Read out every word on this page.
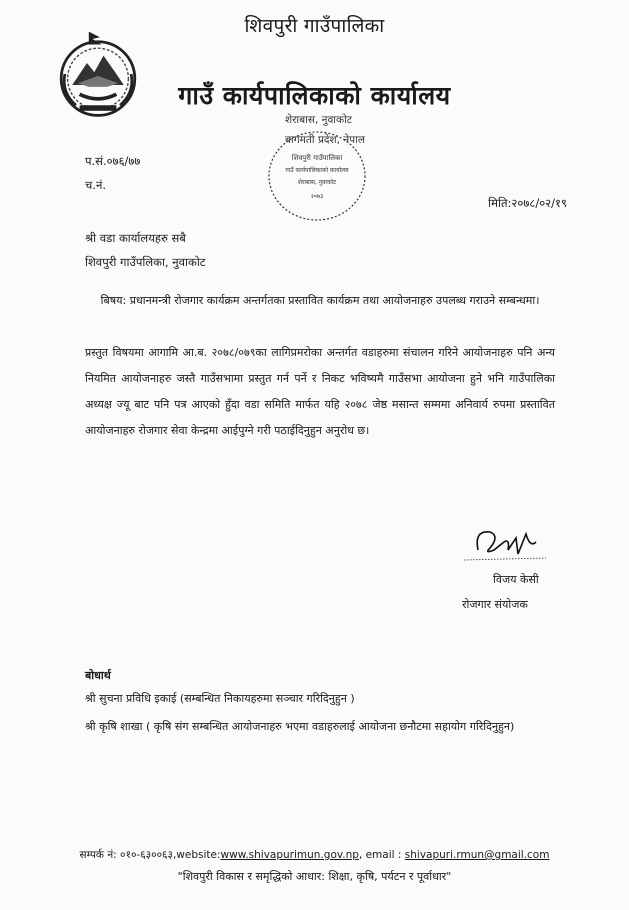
शिवपुरी गाउँपालिका
गाउँ कार्यपालिकाको कार्यालय
शेराबास, नुवाकोट
बागमती प्रदेश, नेपाल
शिवपुरी गाउँपालिका
गाउँ कार्यपालिकाको कार्यालय
शेराबास, नुवाकोट
२०७३
प.सं.०७६/७७
च.नं.
मिति:२०७८/०२/१९
श्री वडा कार्यालयहरु सबै
शिवपुरी गाउँपलिका, नुवाकोट
बिषय: प्रधानमन्त्री रोजगार कार्यक्रम अन्तर्गतका प्रस्तावित कार्यक्रम तथा आयोजनाहरु उपलब्ध गराउने सम्बन्धमा।
प्रस्तुत विषयमा आगामि आ.ब. २०७८/०७९का लागिप्रमरोका अन्तर्गत वडाहरुमा संचालन गरिने आयोजनाहरु पनि अन्य नियमित आयोजनाहरु जस्तै गाउँसभामा प्रस्तुत गर्न पर्ने र निकट भविष्यमै गाउँसभा आयोजना हुने भनि गाउँपालिका अध्यक्ष ज्यू बाट पनि पत्र आएको हुँदा वडा समिति मार्फत यहि २०७८ जेष्ठ मसान्त सम्ममा अनिवार्य रुपमा प्रस्तावित आयोजनाहरु रोजगार सेवा केन्द्रमा आईपुग्ने गरी पठाईदिनुहुन अनुरोध छ।
विजय केसी
रोजगार संयोजक
बोधार्थ
श्री सुचना प्रविधि इकाई (सम्बन्धित निकायहरुमा सञ्चार गरिदिनुहुन )
श्री कृषि शाखा ( कृषि संग सम्बन्धित आयोजनाहरु भएमा वडाहरुलाई आयोजना छनौटमा सहायोग गरिदिनुहुन)
सम्पर्क नं: ०१०-६३००६३,website:www.shivapurimun.gov.np, email : shivapuri.rmun@gmail.com
"शिवपुरी विकास र समृद्धिको आधार: शिक्षा, कृषि, पर्यटन र पूर्वाधार"
